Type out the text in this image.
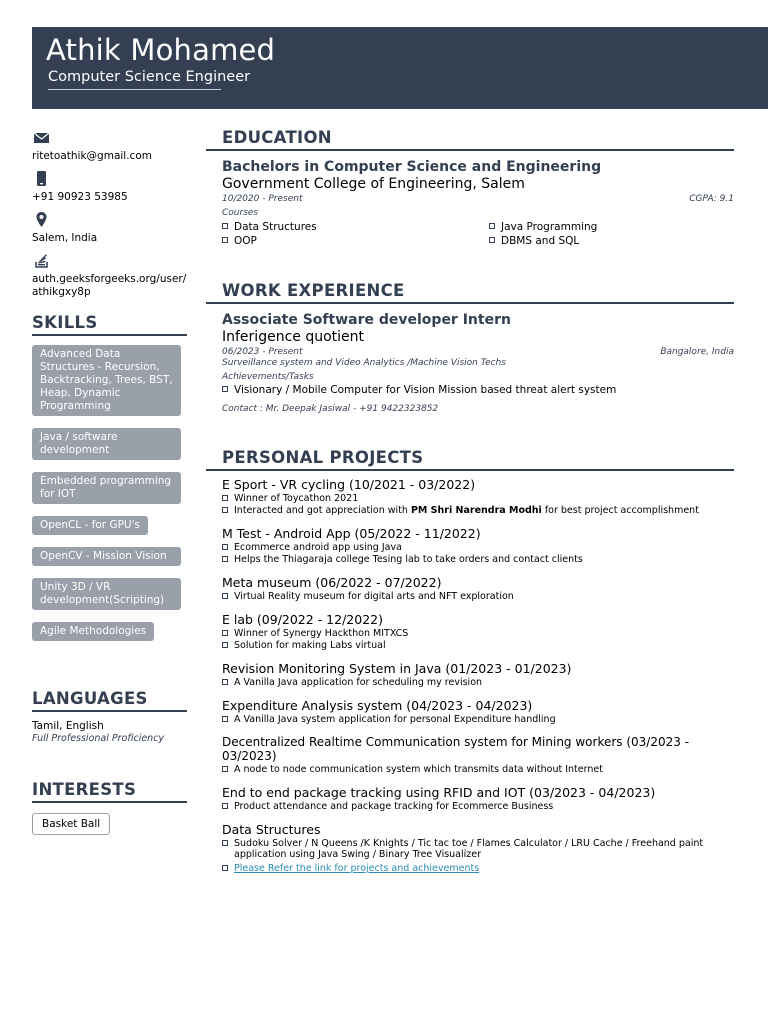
Athik Mohamed
Computer Science Engineer
ritetoathik@gmail.com
+91 90923 53985
Salem, India
auth.geeksforgeeks.org/user/athikgxy8p
SKILLS
Advanced Data Structures - Recursion, Backtracking, Trees, BST, Heap, Dynamic Programming
Java / software development
Embedded programming for IOT
OpenCL - for GPU's
OpenCV - Mission Vision
Unity 3D / VR development(Scripting)
Agile Methodologies
LANGUAGES
Tamil, English
Full Professional Proficiency
INTERESTS
Basket Ball
EDUCATION
Bachelors in Computer Science and Engineering
Government College of Engineering, Salem
10/2020 - Present	CGPA: 9.1
Courses
Data Structures	Java Programming
OOP	DBMS and SQL
WORK EXPERIENCE
Associate Software developer Intern
Inferigence quotient
06/2023 - Present	Bangalore, India
Surveillance system and Video Analytics /Machine Vision Techs
Achievements/Tasks
Visionary / Mobile Computer for Vision Mission based threat alert system
Contact : Mr. Deepak Jasiwal - +91 9422323852
PERSONAL PROJECTS
E Sport - VR cycling (10/2021 - 03/2022)
Winner of Toycathon 2021
Interacted and got appreciation with PM Shri Narendra Modhi for best project accomplishment
M Test - Android App (05/2022 - 11/2022)
Ecommerce android app using Java
Helps the Thiagaraja college Tesing lab to take orders and contact clients
Meta museum (06/2022 - 07/2022)
Virtual Reality museum for digital arts and NFT exploration
E lab (09/2022 - 12/2022)
Winner of Synergy Hackthon MITXCS
Solution for making Labs virtual
Revision Monitoring System in Java (01/2023 - 01/2023)
A Vanilla Java application for scheduling my revision
Expenditure Analysis system (04/2023 - 04/2023)
A Vanilla Java system application for personal Expenditure handling
Decentralized Realtime Communication system for Mining workers (03/2023 - 03/2023)
A node to node communication system which transmits data without Internet
End to end package tracking using RFID and IOT (03/2023 - 04/2023)
Product attendance and package tracking for Ecommerce Business
Data Structures
Sudoku Solver / N Queens /K Knights / Tic tac toe / Flames Calculator / LRU Cache / Freehand paint application using Java Swing / Binary Tree Visualizer
Please Refer the link for projects and achievements
